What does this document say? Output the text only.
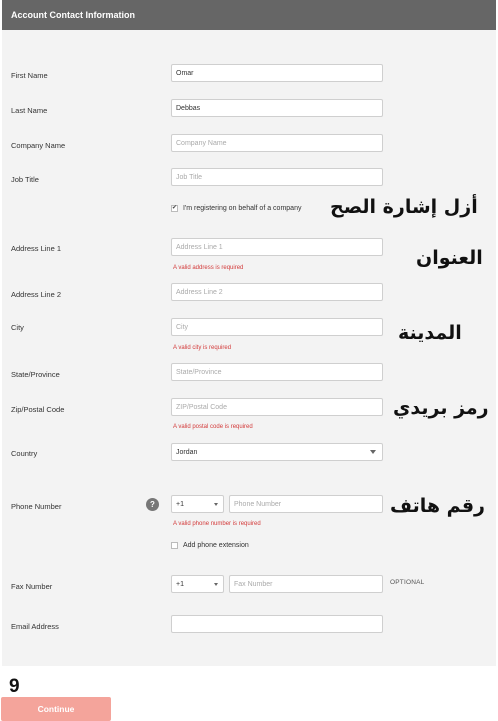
Account Contact Information
First Name	Omar
Last Name	Debbas
Company Name	Company Name
Job Title	Job Title
✔ I'm registering on behalf of a company
Address Line 1	Address Line 1
A valid address is required
Address Line 2	Address Line 2
City	City
A valid city is required
State/Province	State/Province
Zip/Postal Code	ZIP/Postal Code
A valid postal code is required
Country	Jordan
Phone Number	?	+1	Phone Number
A valid phone number is required
Add phone extension
Fax Number	+1	Fax Number	OPTIONAL
Email Address
أزل إشارة الصح
العنوان
المدينة
رمز بريدي
رقم هاتف
9
Continue
